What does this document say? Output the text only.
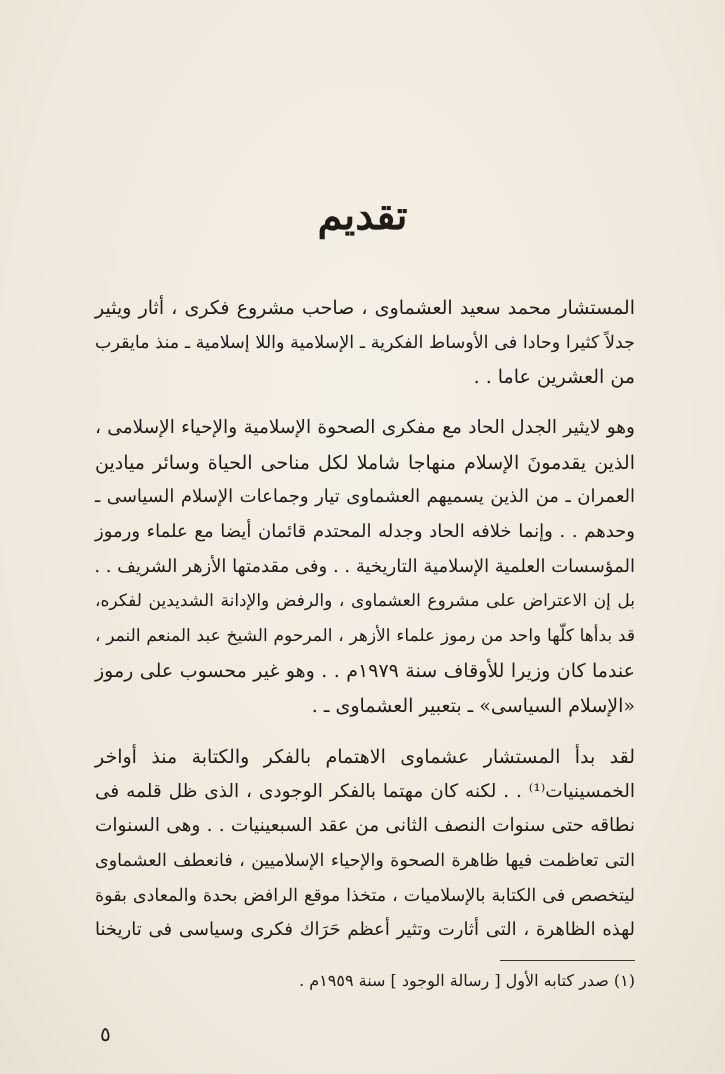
تقديم

المستشار محمد سعيد العشماوى ، صاحب مشروع فكرى ، أثار ويثير

جدلاً كثيرا وحادا فى الأوساط الفكرية ـ الإسلامية واللا إسلامية ـ منذ مايقرب

من العشرين عاما . .

وهو لايثير الجدل الحاد مع مفكرى الصحوة الإسلامية والإحياء الإسلامى ،

الذين يقدمونَ الإسلام منهاجا شاملا لكل مناحى الحياة وسائر ميادين

العمران ـ من الذين يسميهم العشماوى تيار وجماعات الإسلام السياسى ـ

وحدهم . . وإنما خلافه الحاد وجدله المحتدم قائمان أيضا مع علماء ورموز

المؤسسات العلمية الإسلامية التاريخية . . وفى مقدمتها الأزهر الشريف . .

بل إن الاعتراض على مشروع العشماوى ، والرفض والإدانة الشديدين لفكره،

قد بدأها كلّها واحد من رموز علماء الأزهر ، المرحوم الشيخ عبد المنعم النمر ،

عندما كان وزيرا للأوقاف سنة ١٩٧٩م . . وهو غير محسوب على رموز

«الإسلام السياسى» ـ بتعبير العشماوى ـ .

لقد بدأ المستشار عشماوى الاهتمام بالفكر والكتابة منذ أواخر

الخمسينيات⁽¹⁾ . . لكنه كان مهتما بالفكر الوجودى ، الذى ظل قلمه فى

نطاقه حتى سنوات النصف الثانى من عقد السبعينيات . . وهى السنوات

التى تعاظمت فيها ظاهرة الصحوة والإحياء الإسلاميين ، فانعطف العشماوى

ليتخصص فى الكتابة بالإسلاميات ، متخذا موقع الرافض بحدة والمعادى بقوة

لهذه الظاهرة ، التى أثارت وتثير أعظم حَرَاك فكرى وسياسى فى تاريخنا

(١) صدر كتابه الأول [ رسالة الوجود ] سنة ١٩٥٩م .
٥
